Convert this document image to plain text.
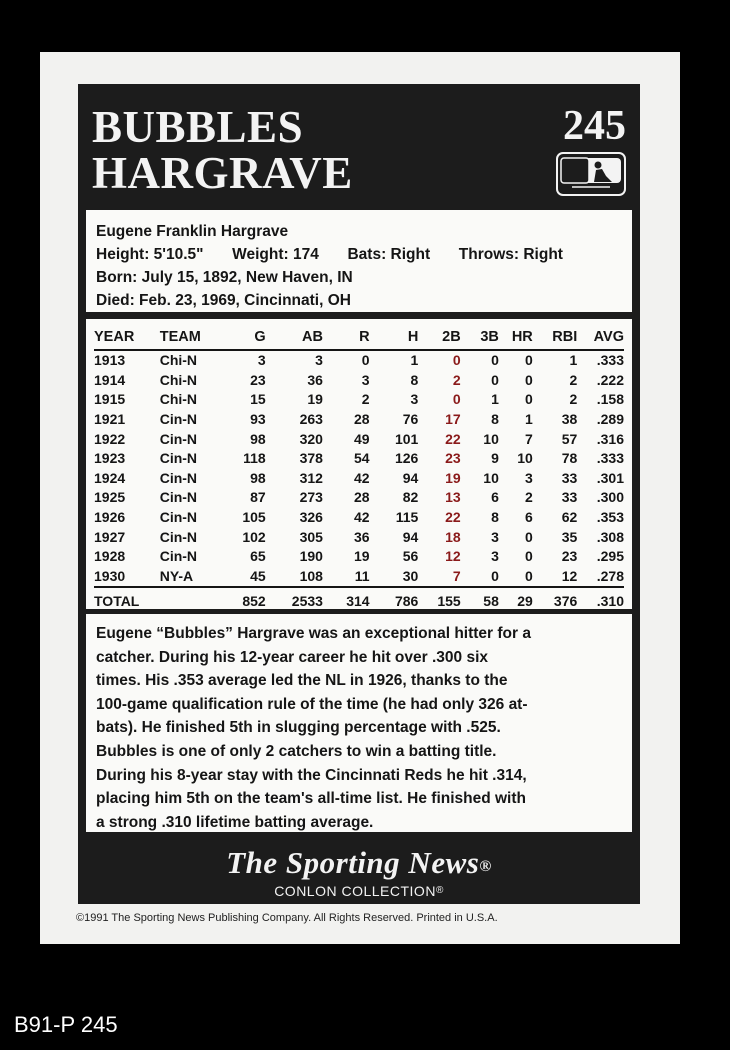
BUBBLES
HARGRAVE
245
Eugene Franklin Hargrave
Height: 5'10.5" Weight: 174 Bats: Right Throws: Right
Born: July 15, 1892, New Haven, IN
Died: Feb. 23, 1969, Cincinnati, OH
YEAR	TEAM	G	AB	R	H	2B	3B	HR	RBI	AVG
1913	Chi-N	3	3	0	1	0	0	0	1	.333
1914	Chi-N	23	36	3	8	2	0	0	2	.222
1915	Chi-N	15	19	2	3	0	1	0	2	.158
1921	Cin-N	93	263	28	76	17	8	1	38	.289
1922	Cin-N	98	320	49	101	22	10	7	57	.316
1923	Cin-N	118	378	54	126	23	9	10	78	.333
1924	Cin-N	98	312	42	94	19	10	3	33	.301
1925	Cin-N	87	273	28	82	13	6	2	33	.300
1926	Cin-N	105	326	42	115	22	8	6	62	.353
1927	Cin-N	102	305	36	94	18	3	0	35	.308
1928	Cin-N	65	190	19	56	12	3	0	23	.295
1930	NY-A	45	108	11	30	7	0	0	12	.278
TOTAL		852	2533	314	786	155	58	29	376	.310
Eugene “Bubbles” Hargrave was an exceptional hitter for a
catcher. During his 12-year career he hit over .300 six
times. His .353 average led the NL in 1926, thanks to the
100-game qualification rule of the time (he had only 326 at-
bats). He finished 5th in slugging percentage with .525.
Bubbles is one of only 2 catchers to win a batting title.
During his 8-year stay with the Cincinnati Reds he hit .314,
placing him 5th on the team's all-time list. He finished with
a strong .310 lifetime batting average.
The Sporting News®
CONLON COLLECTION®
©1991 The Sporting News Publishing Company. All Rights Reserved. Printed in U.S.A.
B91-P 245
